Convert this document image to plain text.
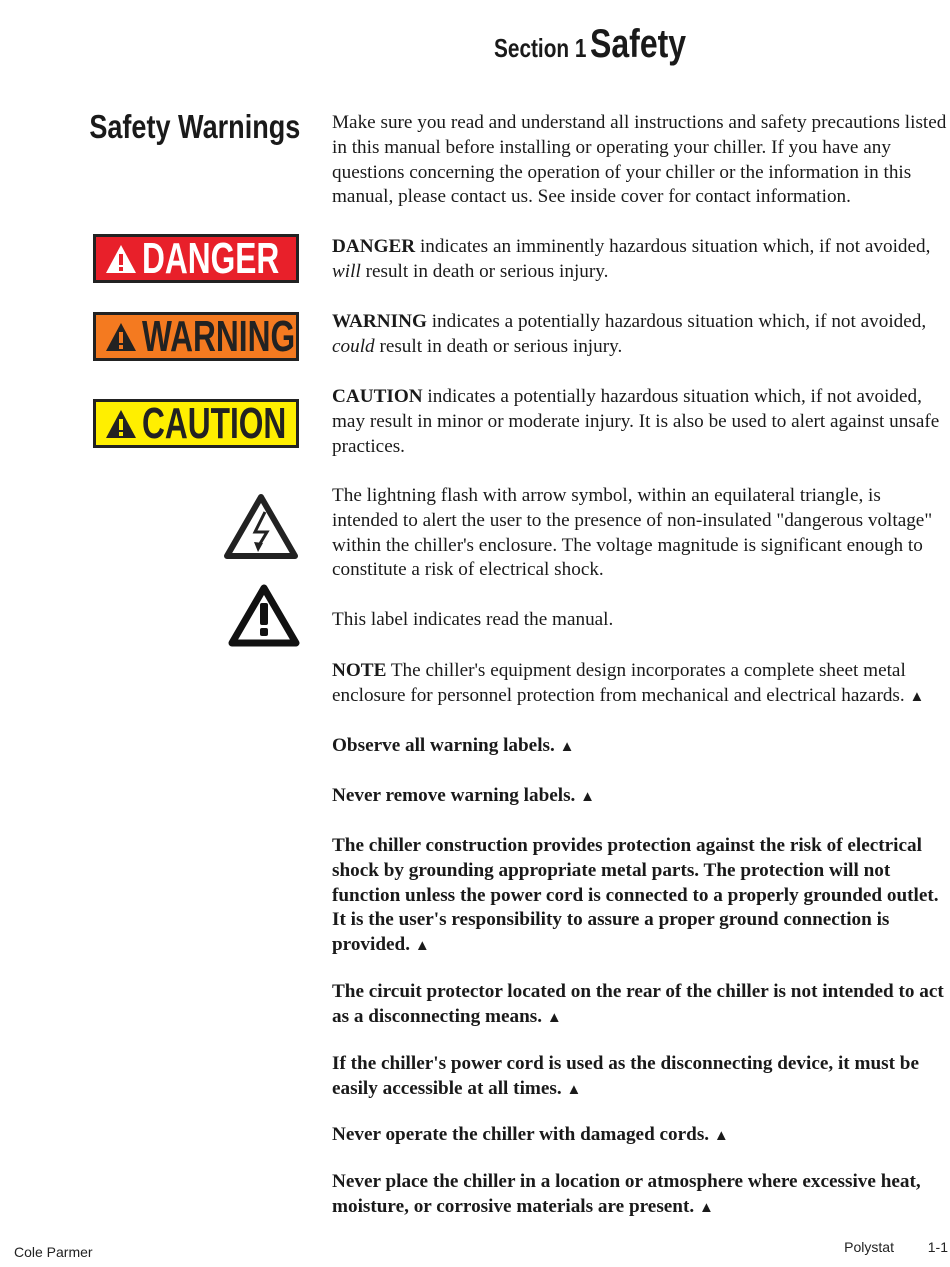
Section 1 Safety
Safety Warnings
DANGER
WARNING
CAUTION

Make sure you read and understand all instructions and safety precautions listed in this manual before installing or operating your chiller. If you have any questions concerning the operation of your chiller or the information in this manual, please contact us. See inside cover for contact information.

DANGER indicates an imminently hazardous situation which, if not avoided, will result in death or serious injury.

WARNING indicates a potentially hazardous situation which, if not avoided, could result in death or serious injury.

CAUTION indicates a potentially hazardous situation which, if not avoided, may result in minor or moderate injury. It is also be used to alert against unsafe practices.

The lightning flash with arrow symbol, within an equilateral triangle, is intended to alert the user to the presence of non-insulated "dangerous voltage" within the chiller's enclosure. The voltage magnitude is significant enough to constitute a risk of electrical shock.

This label indicates read the manual.

NOTE The chiller's equipment design incorporates a complete sheet metal enclosure for personnel protection from mechanical and electrical hazards. ▲

Observe all warning labels. ▲

Never remove warning labels. ▲

The chiller construction provides protection against the risk of electrical shock by grounding appropriate metal parts. The protection will not function unless the power cord is connected to a properly grounded outlet. It is the user's responsibility to assure a proper ground connection is provided. ▲

The circuit protector located on the rear of the chiller is not intended to act as a disconnecting means. ▲

If the chiller's power cord is used as the disconnecting device, it must be easily accessible at all times. ▲

Never operate the chiller with damaged cords. ▲

Never place the chiller in a location or atmosphere where excessive heat, moisture, or corrosive materials are present. ▲

Cole Parmer	Polystat 1-1
